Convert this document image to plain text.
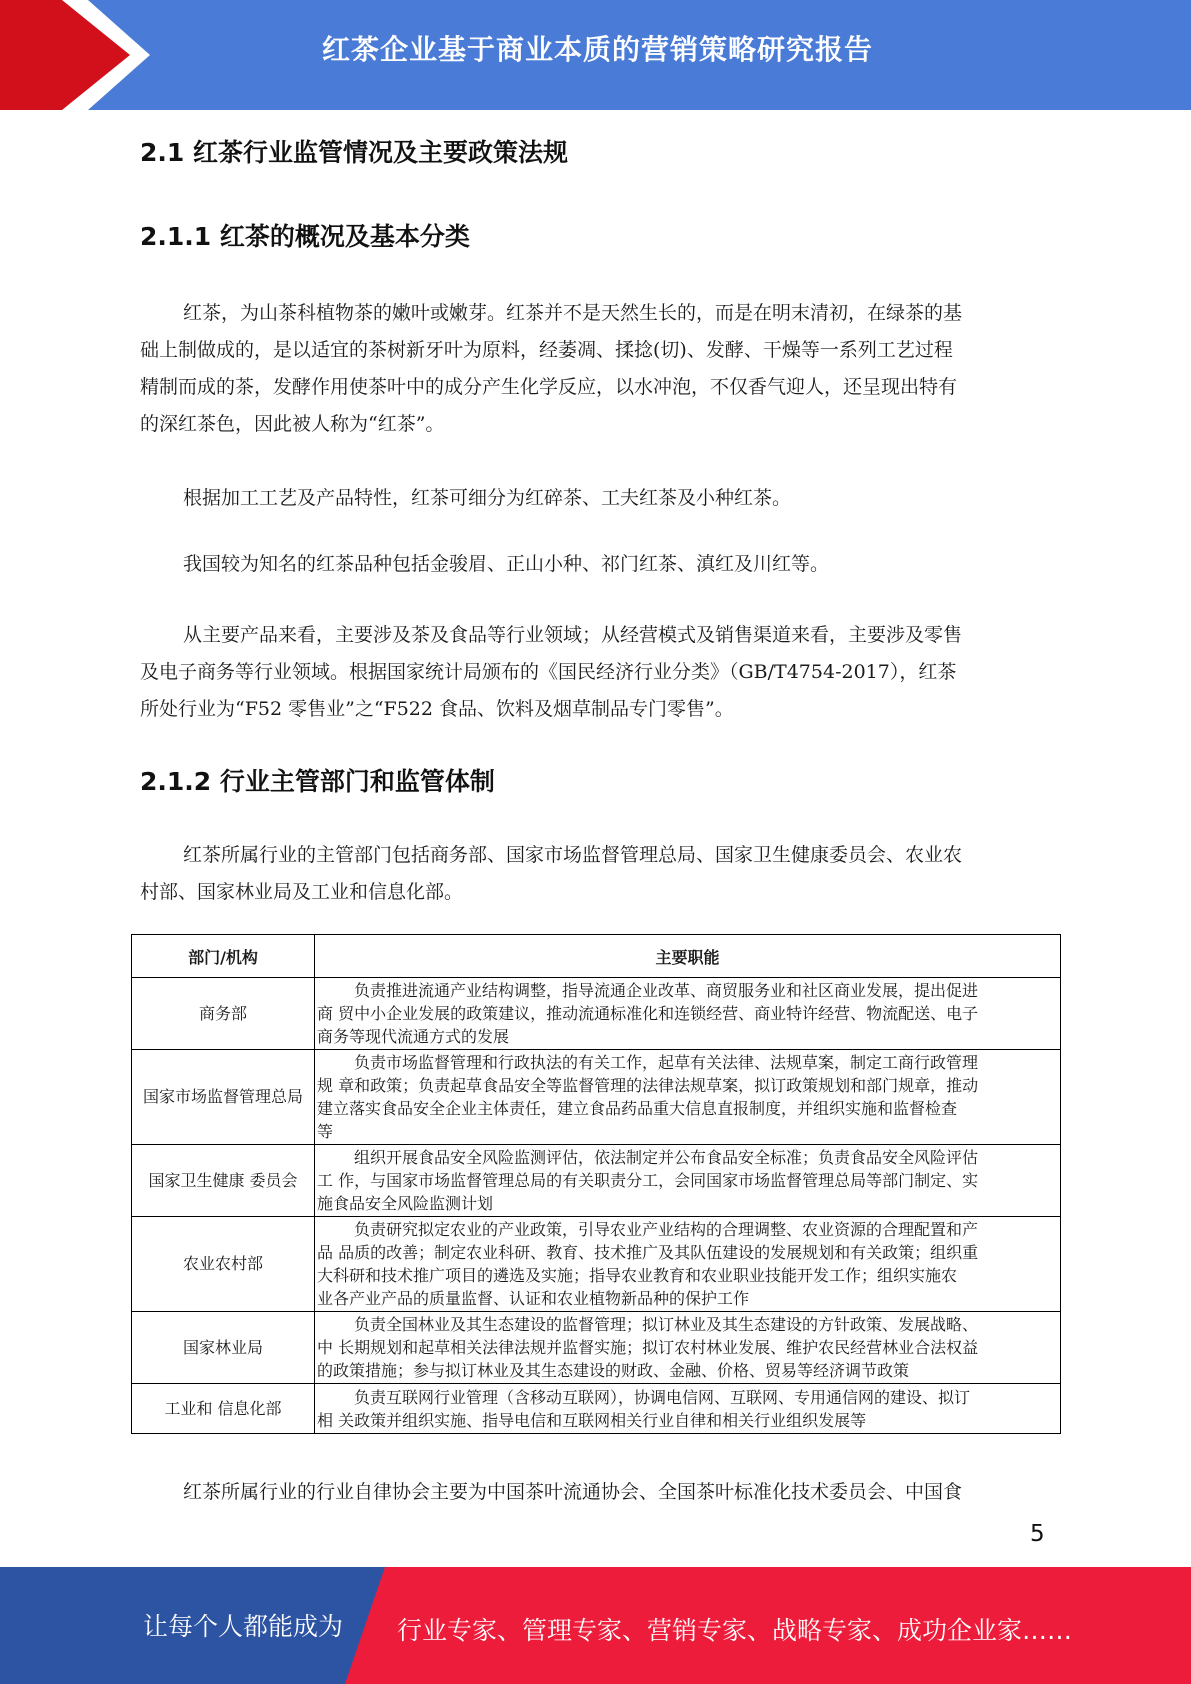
红茶企业基于商业本质的营销策略研究报告
2.1 红茶行业监管情况及主要政策法规
2.1.1 红茶的概况及基本分类
红茶，为山茶科植物茶的嫩叶或嫩芽。红茶并不是天然生长的，而是在明末清初，在绿茶的基
础上制做成的，是以适宜的茶树新牙叶为原料，经萎凋、揉捻(切)、发酵、干燥等一系列工艺过程
精制而成的茶，发酵作用使茶叶中的成分产生化学反应，以水冲泡，不仅香气迎人，还呈现出特有
的深红茶色，因此被人称为“红茶”。
根据加工工艺及产品特性，红茶可细分为红碎茶、工夫红茶及小种红茶。
我国较为知名的红茶品种包括金骏眉、正山小种、祁门红茶、滇红及川红等。
从主要产品来看，主要涉及茶及食品等行业领域；从经营模式及销售渠道来看，主要涉及零售
及电子商务等行业领域。根据国家统计局颁布的《国民经济行业分类》（GB/T4754-2017），红茶
所处行业为“F52 零售业”之“F522 食品、饮料及烟草制品专门零售”。
2.1.2 行业主管部门和监管体制
红茶所属行业的主管部门包括商务部、国家市场监督管理总局、国家卫生健康委员会、农业农
村部、国家林业局及工业和信息化部。
部门/机构	主要职能
商务部	负责推进流通产业结构调整，指导流通企业改革、商贸服务业和社区商业发展，提出促进
商 贸中小企业发展的政策建议，推动流通标准化和连锁经营、商业特许经营、物流配送、电子
商务等现代流通方式的发展

国家市场监督管理总局	负责市场监督管理和行政执法的有关工作，起草有关法律、法规草案，制定工商行政管理
规 章和政策；负责起草食品安全等监督管理的法律法规草案，拟订政策规划和部门规章，推动
建立落实食品安全企业主体责任，建立食品药品重大信息直报制度，并组织实施和监督检查
等

国家卫生健康 委员会	组织开展食品安全风险监测评估，依法制定并公布食品安全标准；负责食品安全风险评估
工 作，与国家市场监督管理总局的有关职责分工，会同国家市场监督管理总局等部门制定、实
施食品安全风险监测计划

农业农村部	负责研究拟定农业的产业政策，引导农业产业结构的合理调整、农业资源的合理配置和产
品 品质的改善；制定农业科研、教育、技术推广及其队伍建设的发展规划和有关政策；组织重
大科研和技术推广项目的遴选及实施；指导农业教育和农业职业技能开发工作；组织实施农
业各产业产品的质量监督、认证和农业植物新品种的保护工作

国家林业局	负责全国林业及其生态建设的监督管理；拟订林业及其生态建设的方针政策、发展战略、
中 长期规划和起草相关法律法规并监督实施；拟订农村林业发展、维护农民经营林业合法权益
的政策措施；参与拟订林业及其生态建设的财政、金融、价格、贸易等经济调节政策

工业和 信息化部	负责互联网行业管理（含移动互联网），协调电信网、互联网、专用通信网的建设、拟订
相 关政策并组织实施、指导电信和互联网相关行业自律和相关行业组织发展等
红茶所属行业的行业自律协会主要为中国茶叶流通协会、全国茶叶标准化技术委员会、中国食
5
让每个人都能成为 行业专家、管理专家、营销专家、战略专家、成功企业家……
